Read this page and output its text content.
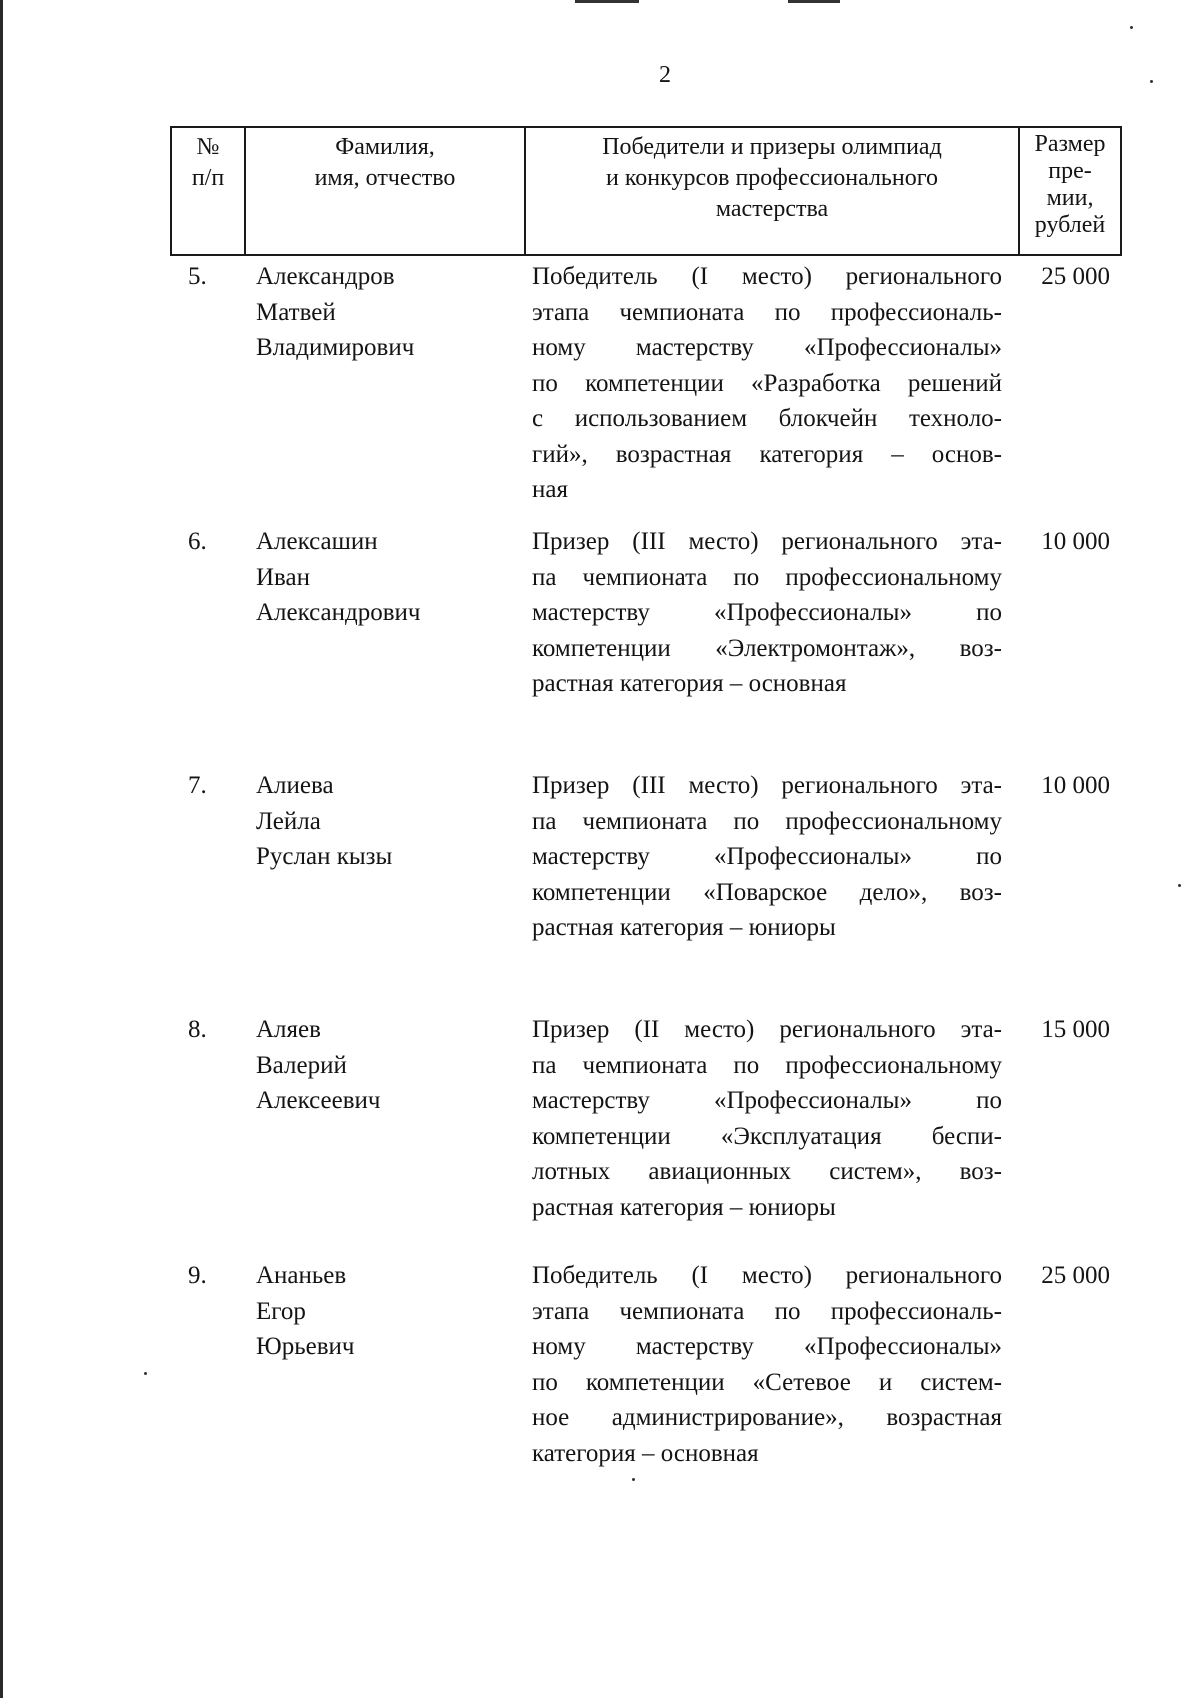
2
№
п/п
Фамилия,
имя, отчество
Победители и призеры олимпиад
и конкурсов профессионального
мастерства
Размер
пре-
мии,
рублей
5. Александров
Матвей
Владимирович
Победитель (I место) регионального
этапа чемпионата по профессиональ-
ному мастерству «Профессионалы»
по компетенции «Разработка решений
с использованием блокчейн техноло-
гий», возрастная категория – основ-
ная
25 000
6. Алексашин
Иван
Александрович
Призер (III место) регионального эта-
па чемпионата по профессиональному
мастерству «Профессионалы» по
компетенции «Электромонтаж», воз-
растная категория – основная
10 000
7. Алиева
Лейла
Руслан кызы
Призер (III место) регионального эта-
па чемпионата по профессиональному
мастерству «Профессионалы» по
компетенции «Поварское дело», воз-
растная категория – юниоры
10 000
8. Аляев
Валерий
Алексеевич
Призер (II место) регионального эта-
па чемпионата по профессиональному
мастерству «Профессионалы» по
компетенции «Эксплуатация беспи-
лотных авиационных систем», воз-
растная категория – юниоры
15 000
9. Ананьев
Егор
Юрьевич
Победитель (I место) регионального
этапа чемпионата по профессиональ-
ному мастерству «Профессионалы»
по компетенции «Сетевое и систем-
ное администрирование», возрастная
категория – основная
25 000
